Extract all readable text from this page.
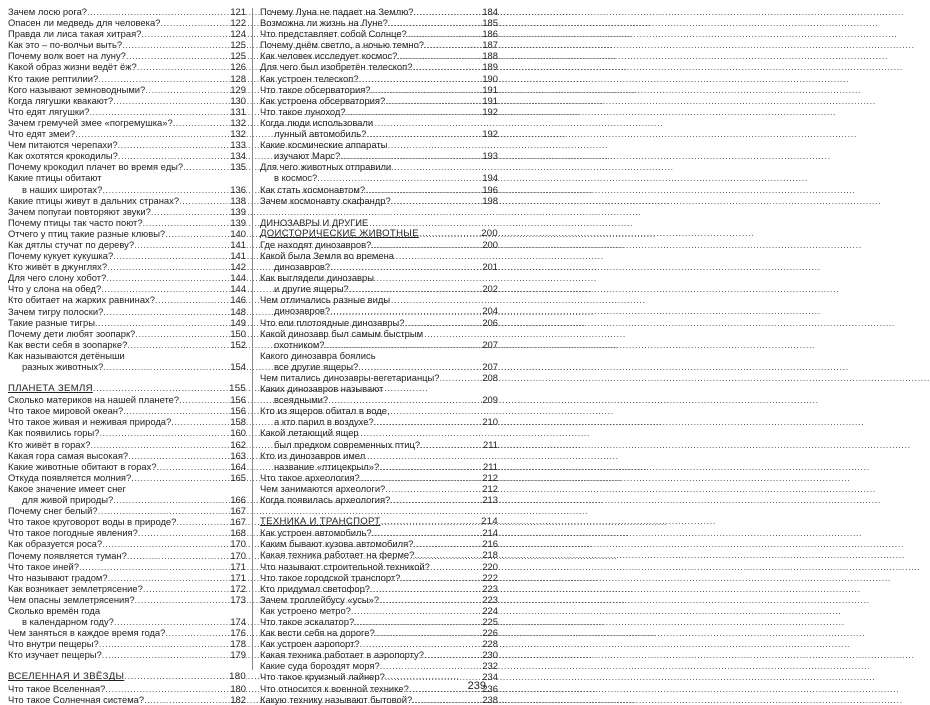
Зачем лосю рога? .....	121
Опасен ли медведь для человека? .....	122
Правда ли лиса такая хитрая? .....	124
Как это – по-волчьи выть? .....	125
Почему волк воет на луну? .....	125
Какой образ жизни ведёт ёж? .....	126
Кто такие рептилии? .....	128
Кого называют земноводными? .....	129
Когда лягушки квакают? .....	130
Что едят лягушки? .....	131
Зачем гремучей змее «погремушка»? .....	132
Что едят змеи? .....	132
Чем питаются черепахи? .....	133
Как охотятся крокодилы? .....	134
Почему крокодил плачет во время еды? .....	135
Какие птицы обитают
в наших широтах? .....	136
Какие птицы живут в дальних странах? .....	138
Зачем попугаи повторяют звуки? .....	139
Почему птицы так часто поют? .....	139
Отчего у птиц такие разные клювы? .....	140
Как дятлы стучат по дереву? .....	141
Почему кукует кукушка? .....	141
Кто живёт в джунглях? .....	142
Для чего слону хобот? .....	144
Что у слона на обед? .....	144
Кто обитает на жарких равнинах? .....	146
Зачем тигру полоски? .....	148
Такие разные тигры .....	149
Почему дети любят зоопарк? .....	150
Как вести себя в зоопарке? .....	152
Как называются детёныши
разных животных? .....	154
ПЛАНЕТА ЗЕМЛЯ .....	155
Сколько материков на нашей планете? .....	156
Что такое мировой океан? .....	156
Что такое живая и неживая природа? .....	158
Как появились горы? .....	160
Кто живёт в горах? .....	162
Какая гора самая высокая? .....	163
Какие животные обитают в горах? .....	164
Откуда появляется молния? .....	165
Какое значение имеет снег
для живой природы? .....	166
Почему снег белый? .....	167
Что такое круговорот воды в природе? .....	167
Что такое погодные явления? .....	168
Как образуется роса? .....	170
Почему появляется туман? .....	170
Что такое иней? .....	171
Что называют градом? .....	171
Как возникает землетрясение? .....	172
Чем опасны землетрясения? .....	173
Сколько времён года
в календарном году? .....	174
Чем заняться в каждое время года? .....	176
Что внутри пещеры? .....	178
Кто изучает пещеры? .....	179
ВСЕЛЕННАЯ И ЗВЁЗДЫ .....	180
Что такое Вселенная? .....	180
Что такое Солнечная система? .....	182
Почему Луна не падает на Землю? .....	184
Возможна ли жизнь на Луне? .....	185
Что представляет собой Солнце? .....	186
Почему днём светло, а ночью темно? .....	187
Как человек исследует космос? .....	188
Для чего был изобретён телескоп? .....	189
Как устроен телескоп? .....	190
Что такое обсерватория? .....	191
Как устроена обсерватория? .....	191
Что такое луноход? .....	192
Когда люди использовали
лунный автомобиль? .....	192
Какие космические аппараты
изучают Марс? .....	193
Для чего животных отправили
в космос? .....	194
Как стать космонавтом? .....	196
Зачем космонавту скафандр? .....	198
ДИНОЗАВРЫ И ДРУГИЕ
ДОИСТОРИЧЕСКИЕ ЖИВОТНЫЕ .....	200
Где находят динозавров? .....	200
Какой была Земля во времена
динозавров? .....	201
Как выглядели динозавры
и другие ящеры? .....	202
Чем отличались разные виды
динозавров? .....	204
Что ели плотоядные динозавры? .....	206
Какой динозавр был самым быстрым
охотником? .....	207
Какого динозавра боялись
все другие ящеры? .....	207
Чем питались динозавры-вегетарианцы? .....	208
Каких динозавров называют
всеядными? .....	209
Кто из ящеров обитал в воде,
а кто парил в воздухе? .....	210
Какой летающий ящер
был предком современных птиц? .....	211
Кто из динозавров имел
название «птицекрыл»? .....	211
Что такое археология? .....	212
Чем занимаются археологи? .....	212
Когда появилась археология? .....	213
ТЕХНИКА И ТРАНСПОРТ .....	214
Как устроен автомобиль? .....	214
Каким бывают кузова автомобиля? .....	216
Какая техника работает на ферме? .....	218
Что называют строительной техникой? .....	220
Что такое городской транспорт? .....	222
Кто придумал светофор? .....	223
Зачем троллейбусу «усы»? .....	223
Как устроено метро? .....	224
Что такое эскалатор? .....	225
Как вести себя на дороге? .....	226
Как устроен аэропорт? .....	228
Какая техника работает в аэропорту? .....	230
Какие суда бороздят моря? .....	232
Что такое круизный лайнер? .....	234
Что относится к военной технике? .....	236
Какую технику называют бытовой? .....	238
239
